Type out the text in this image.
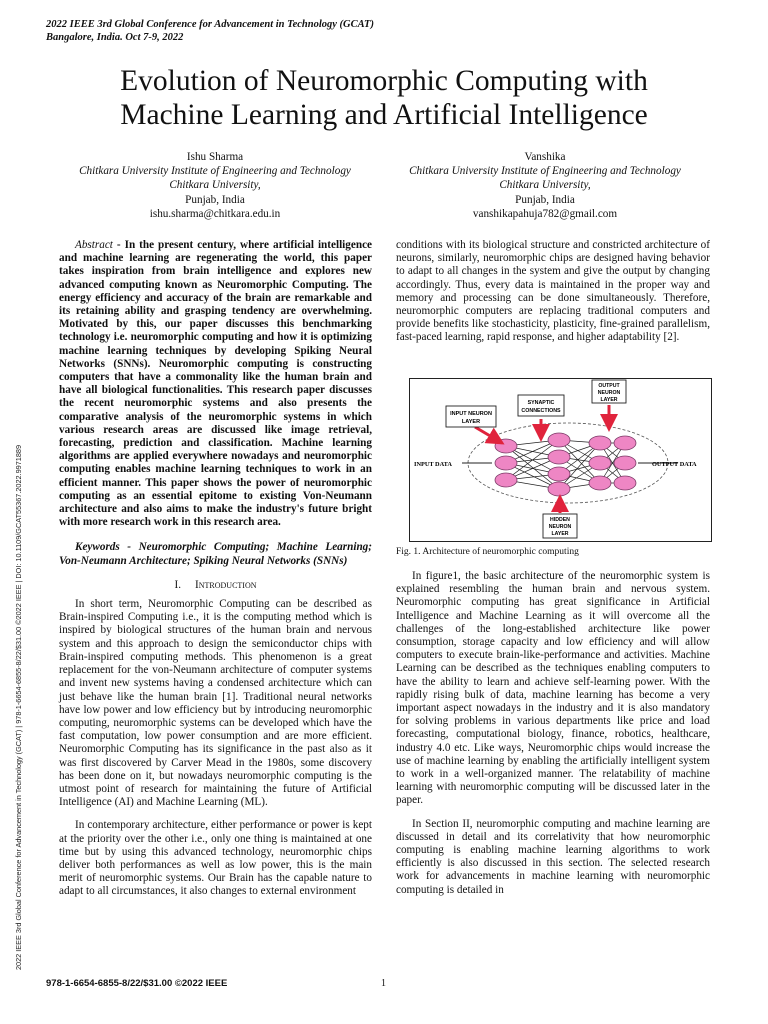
2022 IEEE 3rd Global Conference for Advancement in Technology (GCAT)
Bangalore, India. Oct 7-9, 2022
Evolution of Neuromorphic Computing with
Machine Learning and Artificial Intelligence
Ishu Sharma
Chitkara University Institute of Engineering and Technology
Chitkara University,
Punjab, India
ishu.sharma@chitkara.edu.in
Vanshika
Chitkara University Institute of Engineering and Technology
Chitkara University,
Punjab, India
vanshikapahuja782@gmail.com

Abstract - In the present century, where artificial intelligence and machine learning are regenerating the world, this paper takes inspiration from brain intelligence and explores new advanced computing known as Neuromorphic Computing. The energy efficiency and accuracy of the brain are remarkable and its retaining ability and grasping tendency are overwhelming. Motivated by this, our paper discusses this benchmarking technology i.e. neuromorphic computing and how it is optimizing machine learning techniques by developing Spiking Neural Networks (SNNs). Neuromorphic computing is constructing computers that have a commonality like the human brain and have all biological functionalities. This research paper discusses the recent neuromorphic systems and also presents the comparative analysis of the neuromorphic systems in which various research areas are discussed like image retrieval, forecasting, prediction and classification. Machine learning algorithms are applied everywhere nowadays and neuromorphic computing enables machine learning techniques to work in an efficient manner. This paper shows the power of neuromorphic computing as an essential epitome to existing Von-Neumann architecture and also aims to make the industry's future bright with more research work in this research area.

Keywords - Neuromorphic Computing; Machine Learning; Von-Neumann Architecture; Spiking Neural Networks (SNNs)

I. Introduction

In short term, Neuromorphic Computing can be described as Brain-inspired Computing i.e., it is the computing method which is inspired by biological structures of the human brain and nervous system and this approach to design the semiconductor chips with Brain-inspired computing methods. This phenomenon is a great replacement for the von-Neumann architecture of computer systems and invent new systems having a condensed architecture which can just behave like the human brain [1]. Traditional neural networks have low power and low efficiency but by introducing neuromorphic computing, neuromorphic systems can be developed which have the fast computation, low power consumption and are more efficient. Neuromorphic Computing has its significance in the past also as it was first discovered by Carver Mead in the 1980s, some discovery has been done on it, but nowadays neuromorphic computing is the utmost point of research for maintaining the future of Artificial Intelligence (AI) and Machine Learning (ML).

In contemporary architecture, either performance or power is kept at the priority over the other i.e., only one thing is maintained at one time but by using this advanced technology, neuromorphic chips deliver both performances as well as low power, this is the main merit of neuromorphic systems. Our Brain has the capable nature to adapt to all circumstances, it also changes to external environment

conditions with its biological structure and constricted architecture of neurons, similarly, neuromorphic chips are designed having behavior to adapt to all changes in the system and give the output by changing accordingly. Thus, every data is maintained in the proper way and memory and processing can be done simultaneously. Therefore, neuromorphic computers are replacing traditional computers and provide benefits like stochasticity, plasticity, fine-grained parallelism, fast-paced learning, rapid response, and higher adaptability [2].

INPUT NEURON
LAYER
SYNAPTIC
CONNECTIONS
OUTPUT
NEURON
LAYER
HIDDEN
NEURON
LAYER
INPUT DATA	OUTPUT DATA
Fig. 1. Architecture of neuromorphic computing

In figure1, the basic architecture of the neuromorphic system is explained resembling the human brain and nervous system. Neuromorphic computing has great significance in Artificial Intelligence and Machine Learning as it will overcome all the challenges of the long-established architecture like power consumption, storage capacity and low efficiency and will allow computers to execute brain-like-performance and activities. Machine Learning can be described as the techniques enabling computers to have the ability to learn and achieve self-learning power. With the rapidly rising bulk of data, machine learning has become a very important aspect nowadays in the industry and it is also mandatory for solving problems in various departments like price and load forecasting, computational biology, finance, robotics, healthcare, industry 4.0 etc. Like ways, Neuromorphic chips would increase the use of machine learning by enabling the artificially intelligent system to work in a well-organized manner. The relatability of machine learning with neuromorphic computing will be discussed later in the paper.

In Section II, neuromorphic computing and machine learning are discussed in detail and its correlativity that how neuromorphic computing is enabling machine learning algorithms to work efficiently is also discussed in this section. The selected research work for advancements in machine learning with neuromorphic computing is detailed in

2022 IEEE 3rd Global Conference for Advancement in Technology (GCAT) | 978-1-6654-6855-8/22/$31.00 ©2022 IEEE | DOI: 10.1109/GCAT55367.2022.9971889
978-1-6654-6855-8/22/$31.00 ©2022 IEEE	1
